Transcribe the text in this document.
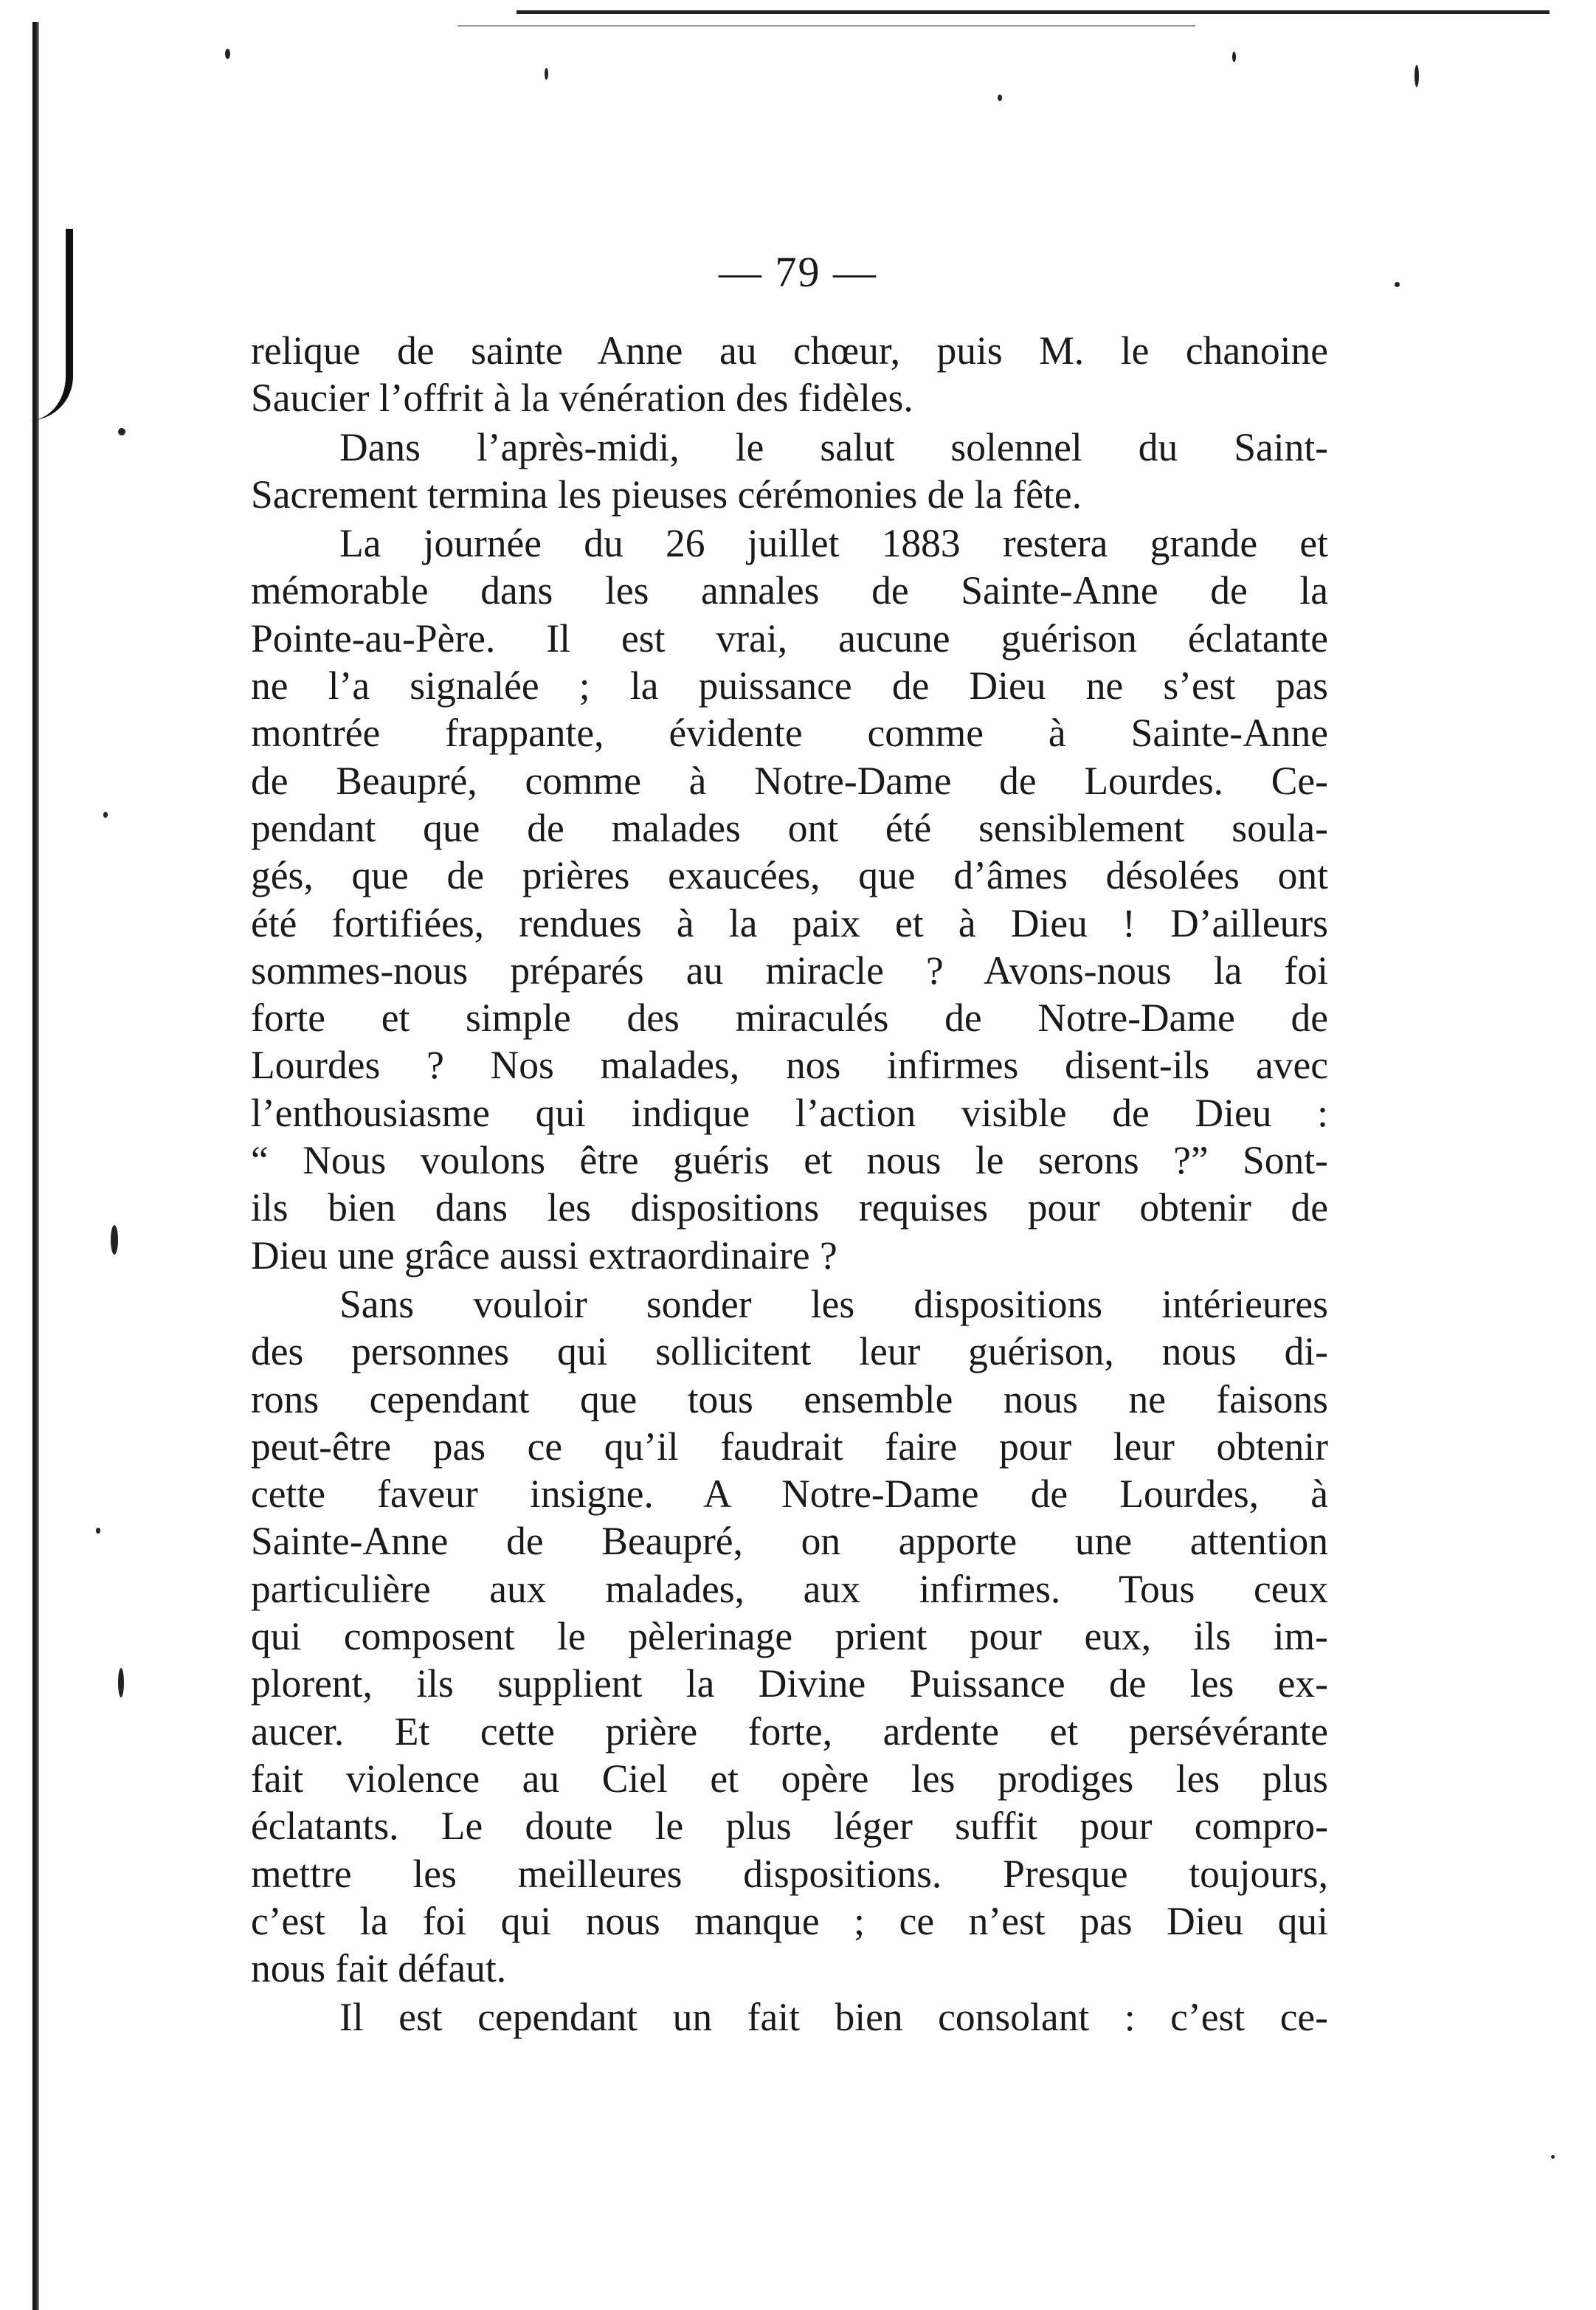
— 79 —

relique de sainte Anne au chœur, puis M. le chanoine
Saucier l’offrit à la vénération des fidèles.

Dans l’après-midi, le salut solennel du Saint-
Sacrement termina les pieuses cérémonies de la fête.

La journée du 26 juillet 1883 restera grande et
mémorable dans les annales de Sainte-Anne de la
Pointe-au-Père. Il est vrai, aucune guérison éclatante
ne l’a signalée ; la puissance de Dieu ne s’est pas
montrée frappante, évidente comme à Sainte-Anne
de Beaupré, comme à Notre-Dame de Lourdes. Ce-
pendant que de malades ont été sensiblement soula-
gés, que de prières exaucées, que d’âmes désolées ont
été fortifiées, rendues à la paix et à Dieu ! D’ailleurs
sommes-nous préparés au miracle ? Avons-nous la foi
forte et simple des miraculés de Notre-Dame de
Lourdes ? Nos malades, nos infirmes disent-ils avec
l’enthousiasme qui indique l’action visible de Dieu :
“ Nous voulons être guéris et nous le serons ?” Sont-
ils bien dans les dispositions requises pour obtenir de
Dieu une grâce aussi extraordinaire ?

Sans vouloir sonder les dispositions intérieures
des personnes qui sollicitent leur guérison, nous di-
rons cependant que tous ensemble nous ne faisons
peut-être pas ce qu’il faudrait faire pour leur obtenir
cette faveur insigne. A Notre-Dame de Lourdes, à
Sainte-Anne de Beaupré, on apporte une attention
particulière aux malades, aux infirmes. Tous ceux
qui composent le pèlerinage prient pour eux, ils im-
plorent, ils supplient la Divine Puissance de les ex-
aucer. Et cette prière forte, ardente et persévérante
fait violence au Ciel et opère les prodiges les plus
éclatants. Le doute le plus léger suffit pour compro-
mettre les meilleures dispositions. Presque toujours,
c’est la foi qui nous manque ; ce n’est pas Dieu qui
nous fait défaut.

Il est cependant un fait bien consolant : c’est ce-
